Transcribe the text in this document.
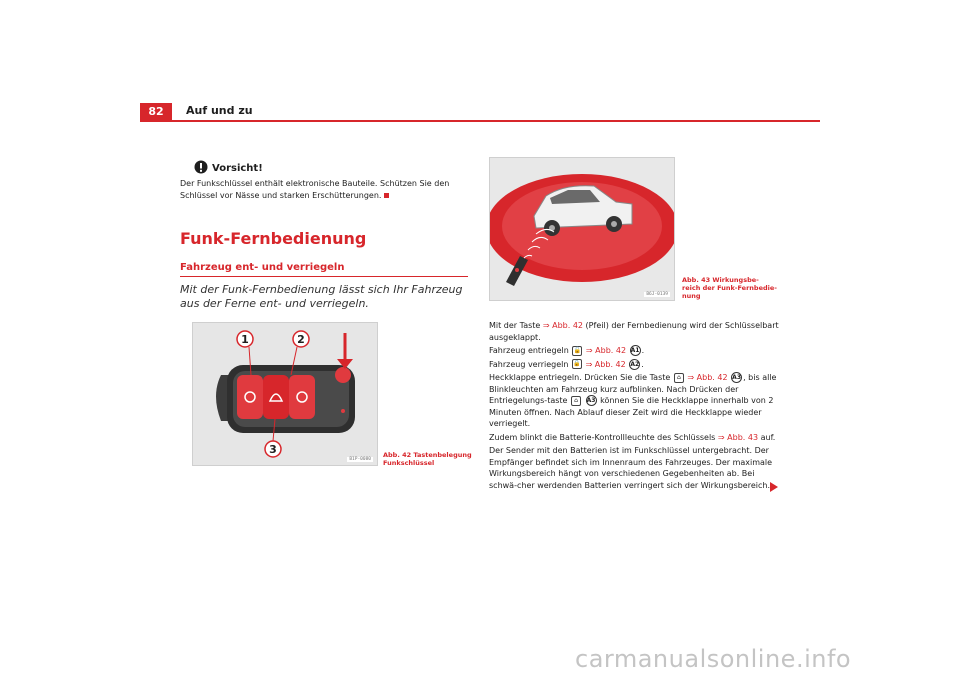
82	Auf und zu
Vorsicht!
Der Funkschlüssel enthält elektronische Bauteile. Schützen Sie den Schlüssel vor Nässe und starken Erschütterungen.
Funk-Fernbedienung
Fahrzeug ent- und verriegeln
Mit der Funk-Fernbedienung lässt sich Ihr Fahrzeug aus der Ferne ent- und verriegeln.
1	2
3
B1P-0080
Abb. 42 Tastenbelegung Funkschlüssel
B6J-0139
Abb. 43 Wirkungsbe-reich der Funk-Fernbedie-nung

Mit der Taste ⇒ Abb. 42 (Pfeil) der Fernbedienung wird der Schlüsselbart ausgeklappt.

Fahrzeug entriegeln 🔓 ⇒ Abb. 42 A1 .

Fahrzeug verriegeln 🔒 ⇒ Abb. 42 A2 .

Heckklappe entriegeln. Drücken Sie die Taste ⌂ ⇒ Abb. 42 A3 , bis alle Blinkleuchten am Fahrzeug kurz aufblinken. Nach Drücken der Entriegelungs-taste ⌂ A3 können Sie die Heckklappe innerhalb von 2 Minuten öffnen. Nach Ablauf dieser Zeit wird die Heckklappe wieder verriegelt.

Zudem blinkt die Batterie-Kontrollleuchte des Schlüssels ⇒ Abb. 43 auf.

Der Sender mit den Batterien ist im Funkschlüssel untergebracht. Der Empfänger befindet sich im Innenraum des Fahrzeuges. Der maximale Wirkungsbereich hängt von verschiedenen Gegebenheiten ab. Bei schwä-cher werdenden Batterien verringert sich der Wirkungsbereich.

carmanualsonline.info
